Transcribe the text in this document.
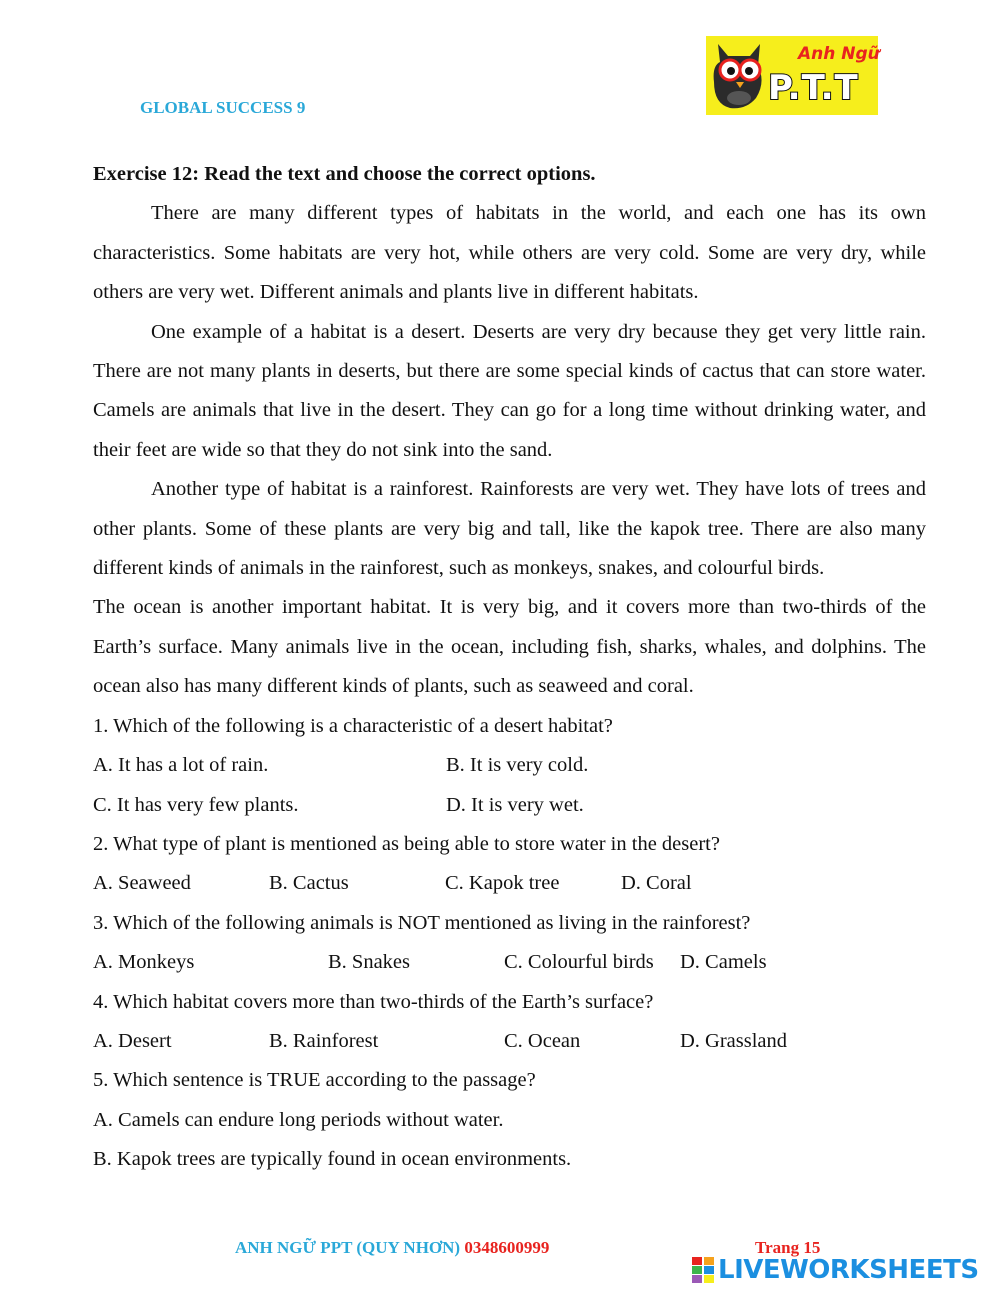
GLOBAL SUCCESS 9
Anh Ngữ
P.T.T

Exercise 12: Read the text and choose the correct options.

There are many different types of habitats in the world, and each one has its own characteristics. Some habitats are very hot, while others are very cold. Some are very dry, while others are very wet. Different animals and plants live in different habitats.

One example of a habitat is a desert. Deserts are very dry because they get very little rain. There are not many plants in deserts, but there are some special kinds of cactus that can store water. Camels are animals that live in the desert. They can go for a long time without drinking water, and their feet are wide so that they do not sink into the sand.

Another type of habitat is a rainforest. Rainforests are very wet. They have lots of trees and other plants. Some of these plants are very big and tall, like the kapok tree. There are also many different kinds of animals in the rainforest, such as monkeys, snakes, and colourful birds.

The ocean is another important habitat. It is very big, and it covers more than two-thirds of the Earth’s surface. Many animals live in the ocean, including fish, sharks, whales, and dolphins. The ocean also has many different kinds of plants, such as seaweed and coral.

1. Which of the following is a characteristic of a desert habitat?

A. It has a lot of rain.	B. It is very cold.
C. It has very few plants.	D. It is very wet.

2. What type of plant is mentioned as being able to store water in the desert?

A. Seaweed	B. Cactus	C. Kapok tree	D. Coral

3. Which of the following animals is NOT mentioned as living in the rainforest?

A. Monkeys	B. Snakes	C. Colourful birds	D. Camels

4. Which habitat covers more than two-thirds of the Earth’s surface?

A. Desert	B. Rainforest	C. Ocean	D. Grassland

5. Which sentence is TRUE according to the passage?

A. Camels can endure long periods without water.

B. Kapok trees are typically found in ocean environments.

ANH NGỮ PPT (QUY NHƠN) 0348600999	Trang 15
LIVEWORKSHEETS
